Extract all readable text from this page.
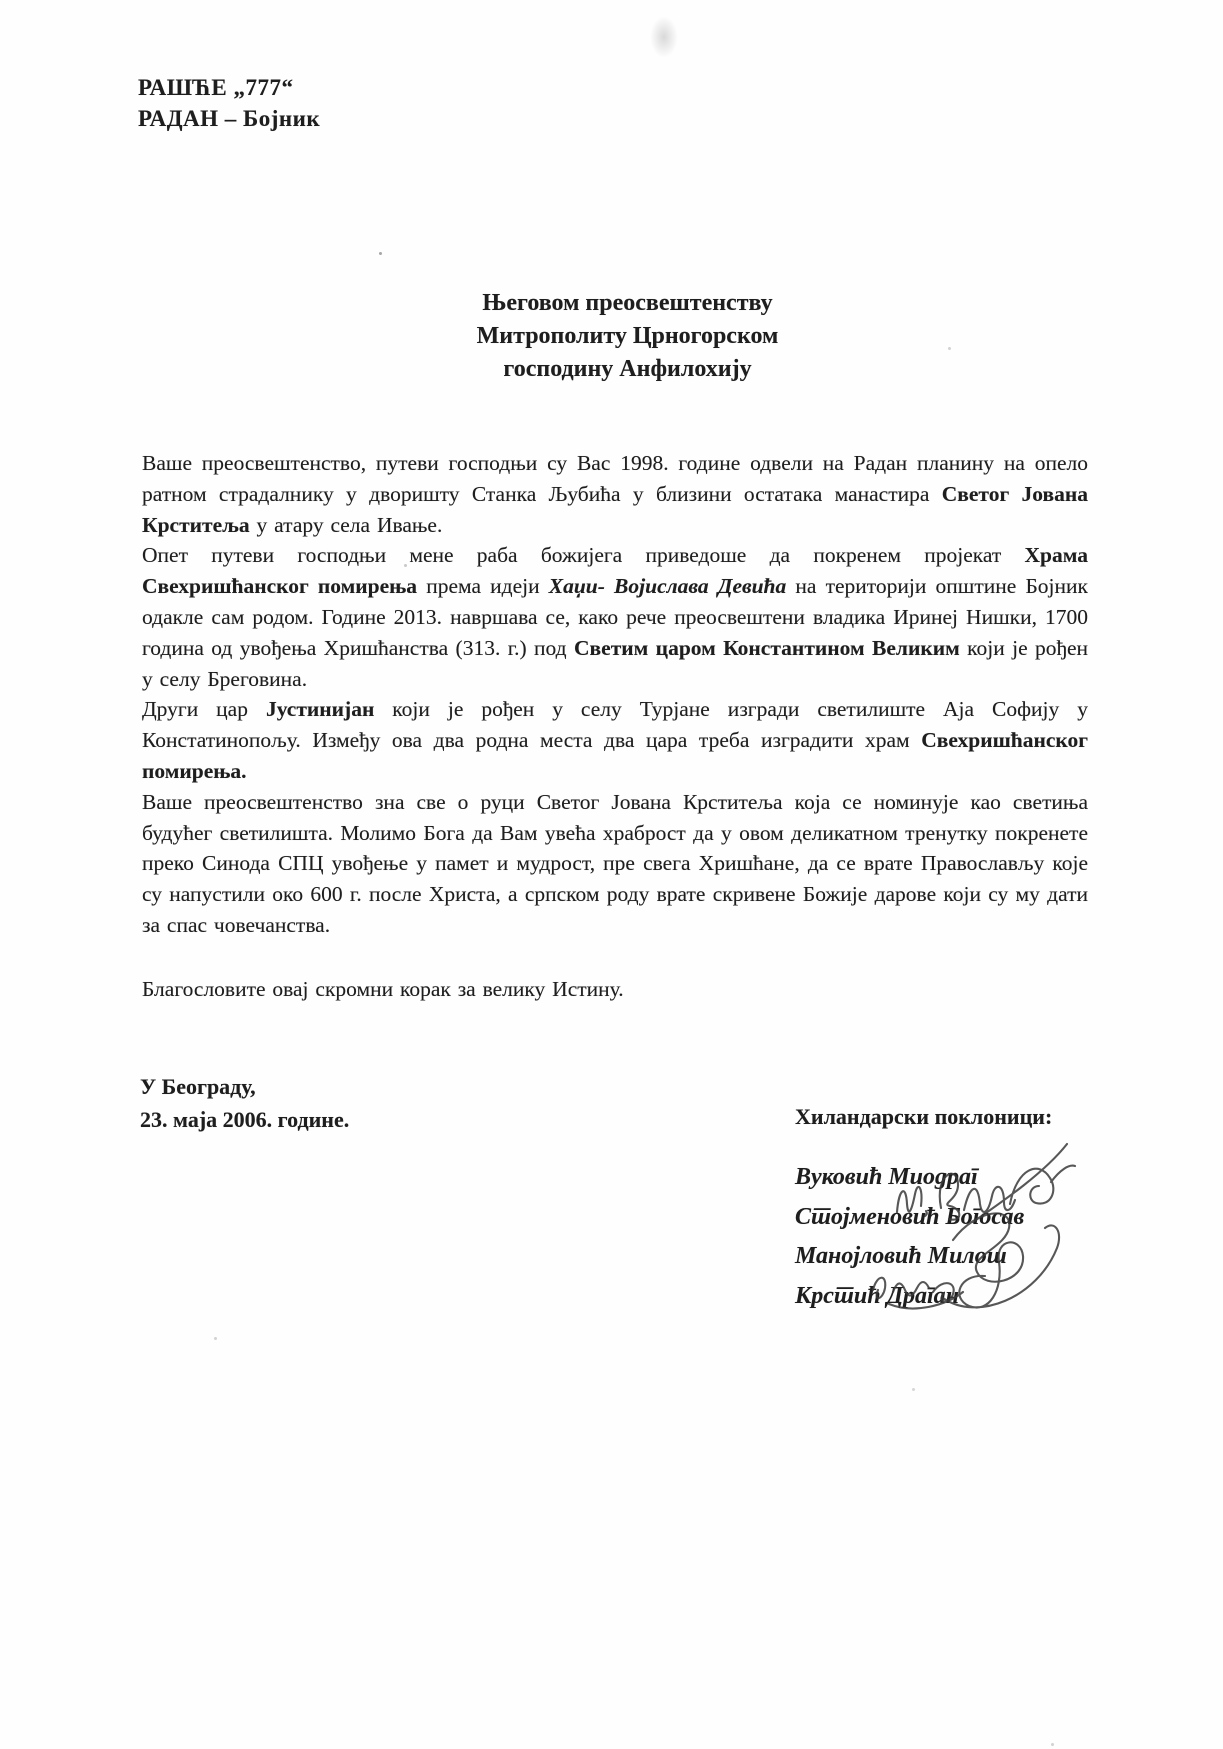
РАШЋЕ „777“
РАДАН – Бојник
Његовом преосвештенству
Митрополиту Црногорском
господину Анфилохију

Ваше преосвештенство, путеви господњи су Вас 1998. године одвели на Радан планину на опело ратном страдалнику у дворишту Станка Љубића у близини остатака манастира Светог Јована Крститеља у атару села Ивање.

Опет путеви господњи мене раба божијега приведоше да покренем пројекат Храма Свехришћанског помирења према идеји Хаџи- Војислава Девића на територији општине Бојник одакле сам родом. Године 2013. навршава се, како рече преосвештени владика Иринеј Нишки, 1700 година од увођења Хришћанства (313. г.) под Светим царом Константином Великим који је рођен у селу Бреговина.

Други цар Јустинијан који је рођен у селу Турјане изгради светилиште Аја Софију у Констатинопољу. Између ова два родна места два цара треба изградити храм Свехришћанског помирења.

Ваше преосвештенство зна све о руци Светог Јована Крститеља која се номинује као светиња будућег светилишта. Молимо Бога да Вам увећа храброст да у овом деликатном тренутку покренете преко Синода СПЦ увођење у памет и мудрост, пре свега Хришћане, да се врате Православљу које су напустили око 600 г. после Христа, а српском роду врате скривене Божије дарове који су му дати за спас човечанства.

Благословите овај скромни корак за велику Истину.

У Београду,
23. маја 2006. године.	Хиландарски поклоници:
Вуковић Миодраг
Стојменовић Богосав
Манојловић Милош
Крстић Драган
